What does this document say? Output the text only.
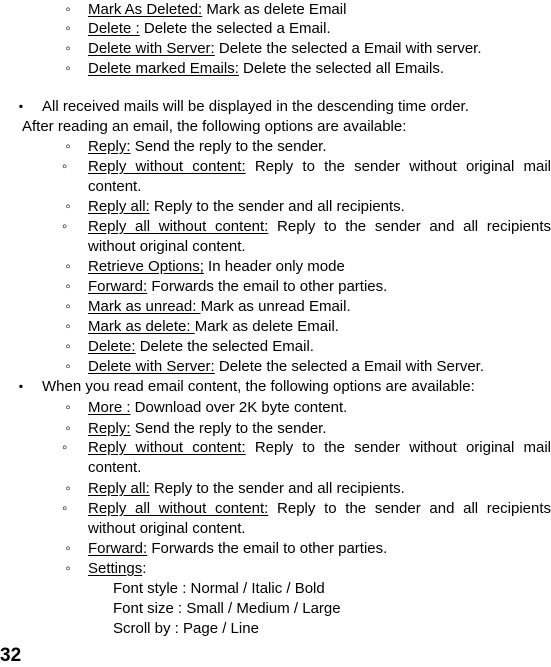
◦ Mark As Deleted: Mark as delete Email
◦ Delete : Delete the selected a Email.
◦ Delete with Server: Delete the selected a Email with server.
◦ Delete marked Emails: Delete the selected all Emails.
▪ All received mails will be displayed in the descending time order.
After reading an email, the following options are available:
◦ Reply: Send the reply to the sender.
◦	Reply without content: Reply to the sender without original mail content.
◦ Reply all: Reply to the sender and all recipients.
◦	Reply all without content: Reply to the sender and all recipients without original content.
◦ Retrieve Options; In header only mode
◦ Forward: Forwards the email to other parties.
◦ Mark as unread: Mark as unread Email.
◦ Mark as delete: Mark as delete Email.
◦ Delete: Delete the selected Email.
◦ Delete with Server: Delete the selected a Email with Server.
▪ When you read email content, the following options are available:
◦ More : Download over 2K byte content.
◦ Reply: Send the reply to the sender.
◦	Reply without content: Reply to the sender without original mail content.
◦ Reply all: Reply to the sender and all recipients.
◦	Reply all without content: Reply to the sender and all recipients without original content.
◦ Forward: Forwards the email to other parties.
◦ Settings:
Font style : Normal / Italic / Bold
Font size : Small / Medium / Large
Scroll by : Page / Line
32
